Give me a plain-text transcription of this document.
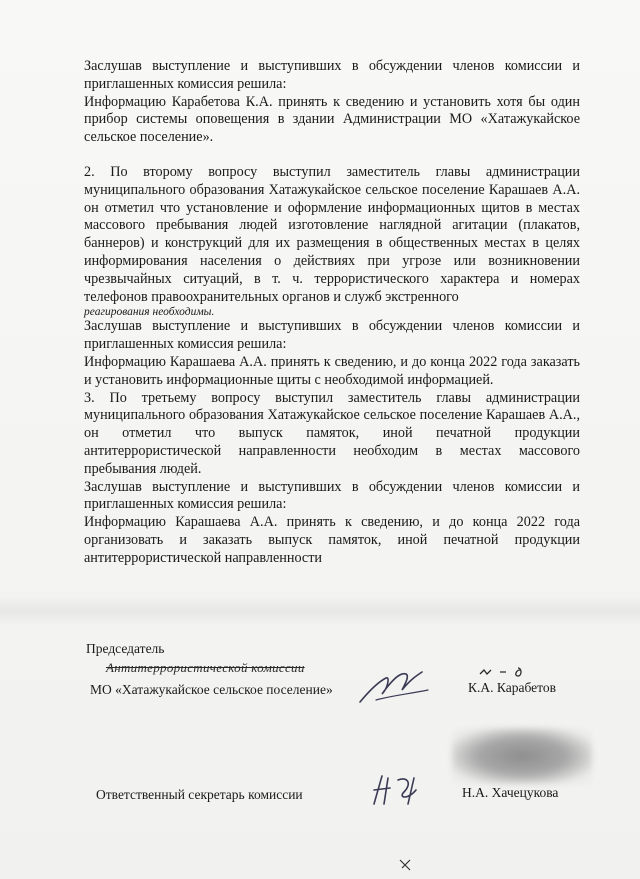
Заслушав выступление и выступивших в обсуждении членов комиссии и приглашенных комиссия решила:

Информацию Карабетова К.А. принять к сведению и установить хотя бы один прибор системы оповещения в здании Администрации МО «Хатажукайское сельское поселение».

2. По второму вопросу выступил заместитель главы администрации муниципального образования Хатажукайское сельское поселение Карашаев А.А. он отметил что установление и оформление информационных щитов в местах массового пребывания людей изготовление наглядной агитации (плакатов, баннеров) и конструкций для их размещения в общественных местах в целях информирования населения о действиях при угрозе или возникновении чрезвычайных ситуаций, в т. ч. террористического характера и номерах телефонов правоохранительных органов и служб экстренного

реагирования необходимы.

Заслушав выступление и выступивших в обсуждении членов комиссии и приглашенных комиссия решила:

Информацию Карашаева А.А. принять к сведению, и до конца 2022 года заказать и установить информационные щиты с необходимой информацией.

3. По третьему вопросу выступил заместитель главы администрации муниципального образования Хатажукайское сельское поселение Карашаев А.А., он отметил что выпуск памяток, иной печатной продукции антитеррористической направленности необходим в местах массового пребывания людей.

Заслушав выступление и выступивших в обсуждении членов комиссии и приглашенных комиссия решила:

Информацию Карашаева А.А. принять к сведению, и до конца 2022 года организовать и заказать выпуск памяток, иной печатной продукции антитеррористической направленности

Председатель
Антитеррористической комиссии
МО «Хатажукайское сельское поселение»	К.А. Карабетов
Ответственный секретарь комиссии	Н.А. Хачецукова
